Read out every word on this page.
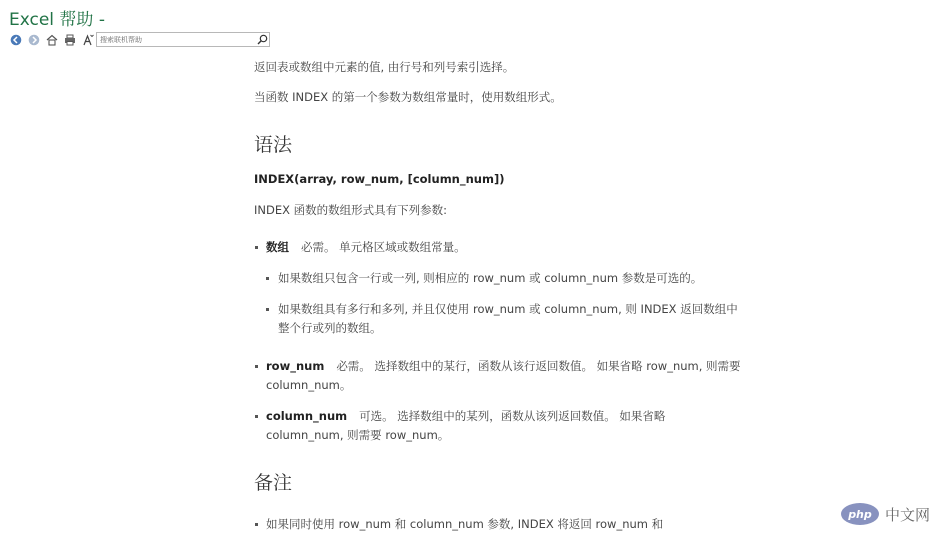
Excel 帮助 -
搜索联机帮助

返回表或数组中元素的值, 由行号和列号索引选择。

当函数 INDEX 的第一个参数为数组常量时，使用数组形式。

语法

INDEX(array, row_num, [column_num])

INDEX 函数的数组形式具有下列参数:

数组 必需。 单元格区域或数组常量。
如果数组只包含一行或一列, 则相应的 row_num 或 column_num 参数是可选的。
如果数组具有多行和多列, 并且仅使用 row_num 或 column_num, 则 INDEX 返回数组中整个行或列的数组。
row_num 必需。 选择数组中的某行，函数从该行返回数值。 如果省略 row_num, 则需要 column_num。
column_num 可选。 选择数组中的某列，函数从该列返回数值。 如果省略 column_num, 则需要 row_num。
备注
如果同时使用 row_num 和 column_num 参数, INDEX 将返回 row_num 和
php 中文网
